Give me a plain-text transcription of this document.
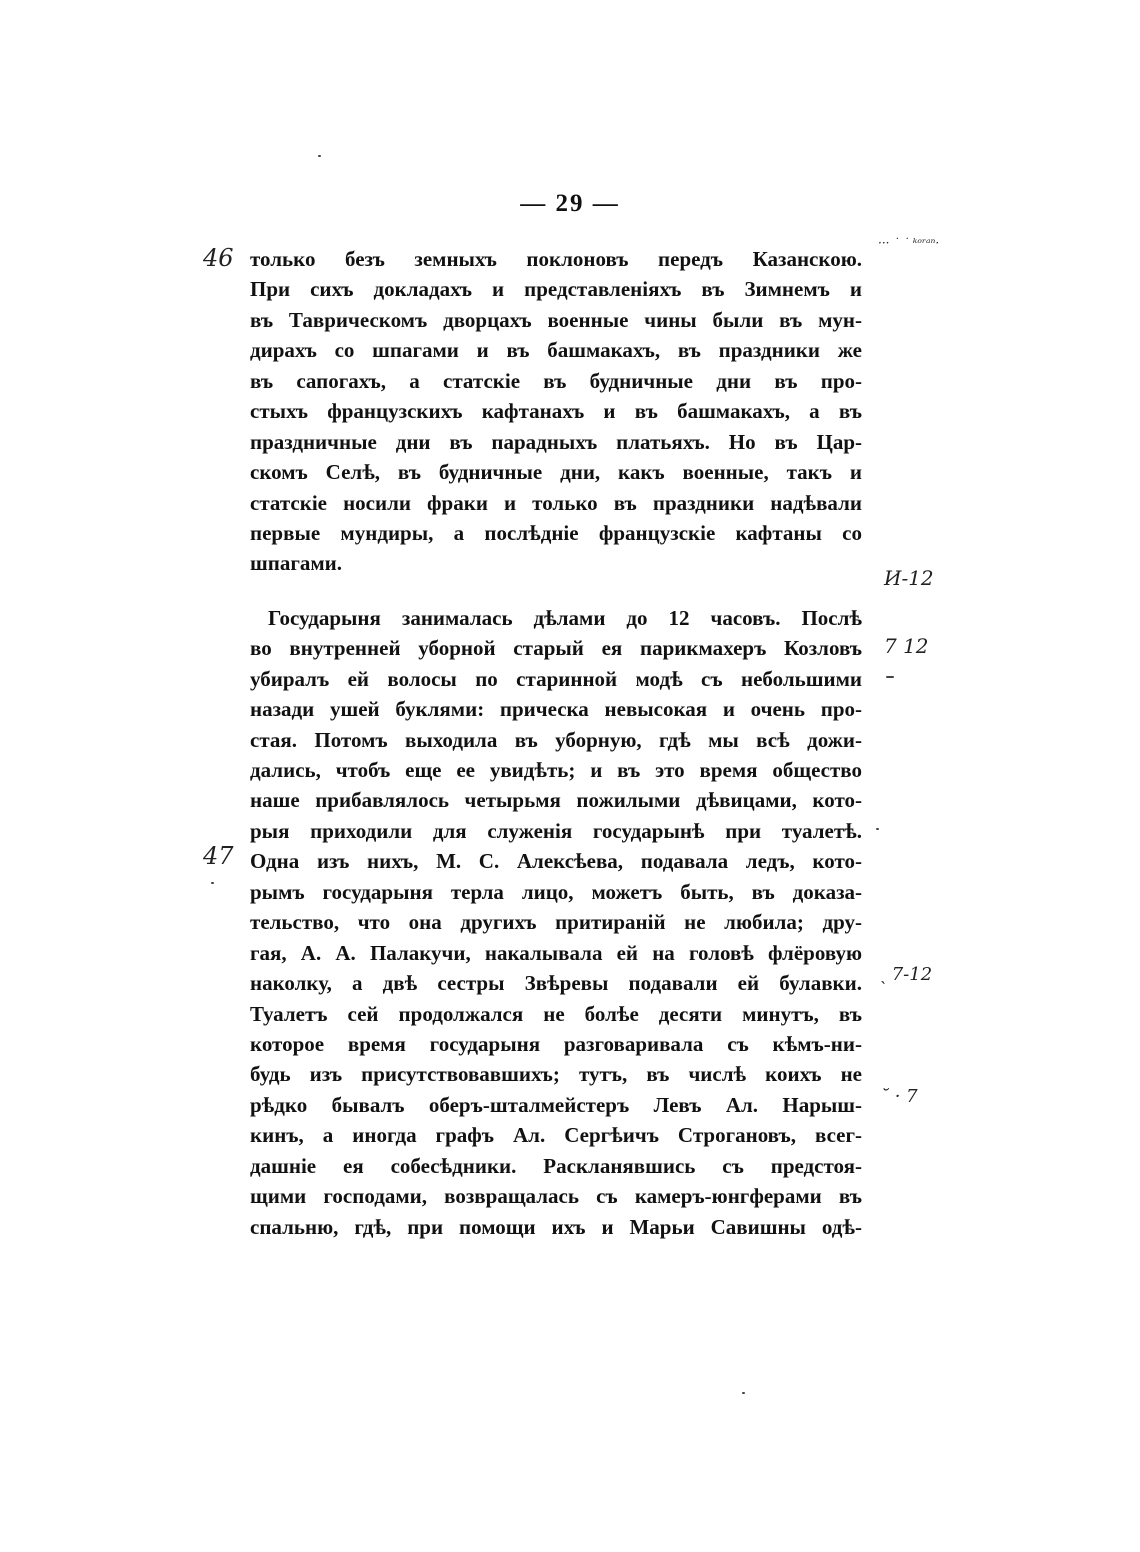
— 29 —
46
··· ˙ ˙ ᵏᵒʳᵃⁿ·
И-12
7 12
47
ˎ 7-12
˘ · 7
только безъ земныхъ поклоновъ передъ Казанскою.
При сихъ докладахъ и представленіяхъ въ Зимнемъ и
въ Таврическомъ дворцахъ военные чины были въ мун-
дирахъ со шпагами и въ башмакахъ, въ праздники же
въ сапогахъ, а статскіе въ будничные дни въ про-
стыхъ французскихъ кафтанахъ и въ башмакахъ, а въ
праздничные дни въ парадныхъ платьяхъ. Но въ Цар-
скомъ Селѣ, въ будничные дни, какъ военные, такъ и
статскіе носили фраки и только въ праздники надѣвали
первые мундиры, а послѣдніе французскіе кафтаны со
шпагами.
Государыня занималась дѣлами до 12 часовъ. Послѣ
во внутренней уборной старый ея парикмахеръ Козловъ
убиралъ ей волосы по старинной модѣ съ небольшими
назади ушей буклями: прическа невысокая и очень про-
стая. Потомъ выходила въ уборную, гдѣ мы всѣ дожи-
дались, чтобъ еще ее увидѣть; и въ это время общество
наше прибавлялось четырьмя пожилыми дѣвицами, кото-
рыя приходили для служенія государынѣ при туалетѣ.
Одна изъ нихъ, М. С. Алексѣева, подавала ледъ, кото-
рымъ государыня терла лицо, можетъ быть, въ доказа-
тельство, что она другихъ притираній не любила; дру-
гая, А. А. Палакучи, накалывала ей на головѣ флёровую
наколку, а двѣ сестры Звѣревы подавали ей булавки.
Туалетъ сей продолжался не болѣе десяти минутъ, въ
которое время государыня разговаривала съ кѣмъ-ни-
будь изъ присутствовавшихъ; тутъ, въ числѣ коихъ не
рѣдко бывалъ оберъ-шталмейстеръ Левъ Ал. Нарыш-
кинъ, а иногда графъ Ал. Сергѣичъ Строгановъ, всег-
дашніе ея собесѣдники. Раскланявшись съ предстоя-
щими господами, возвращалась съ камеръ-юнгферами въ
спальню, гдѣ, при помощи ихъ и Марьи Савишны одѣ-
